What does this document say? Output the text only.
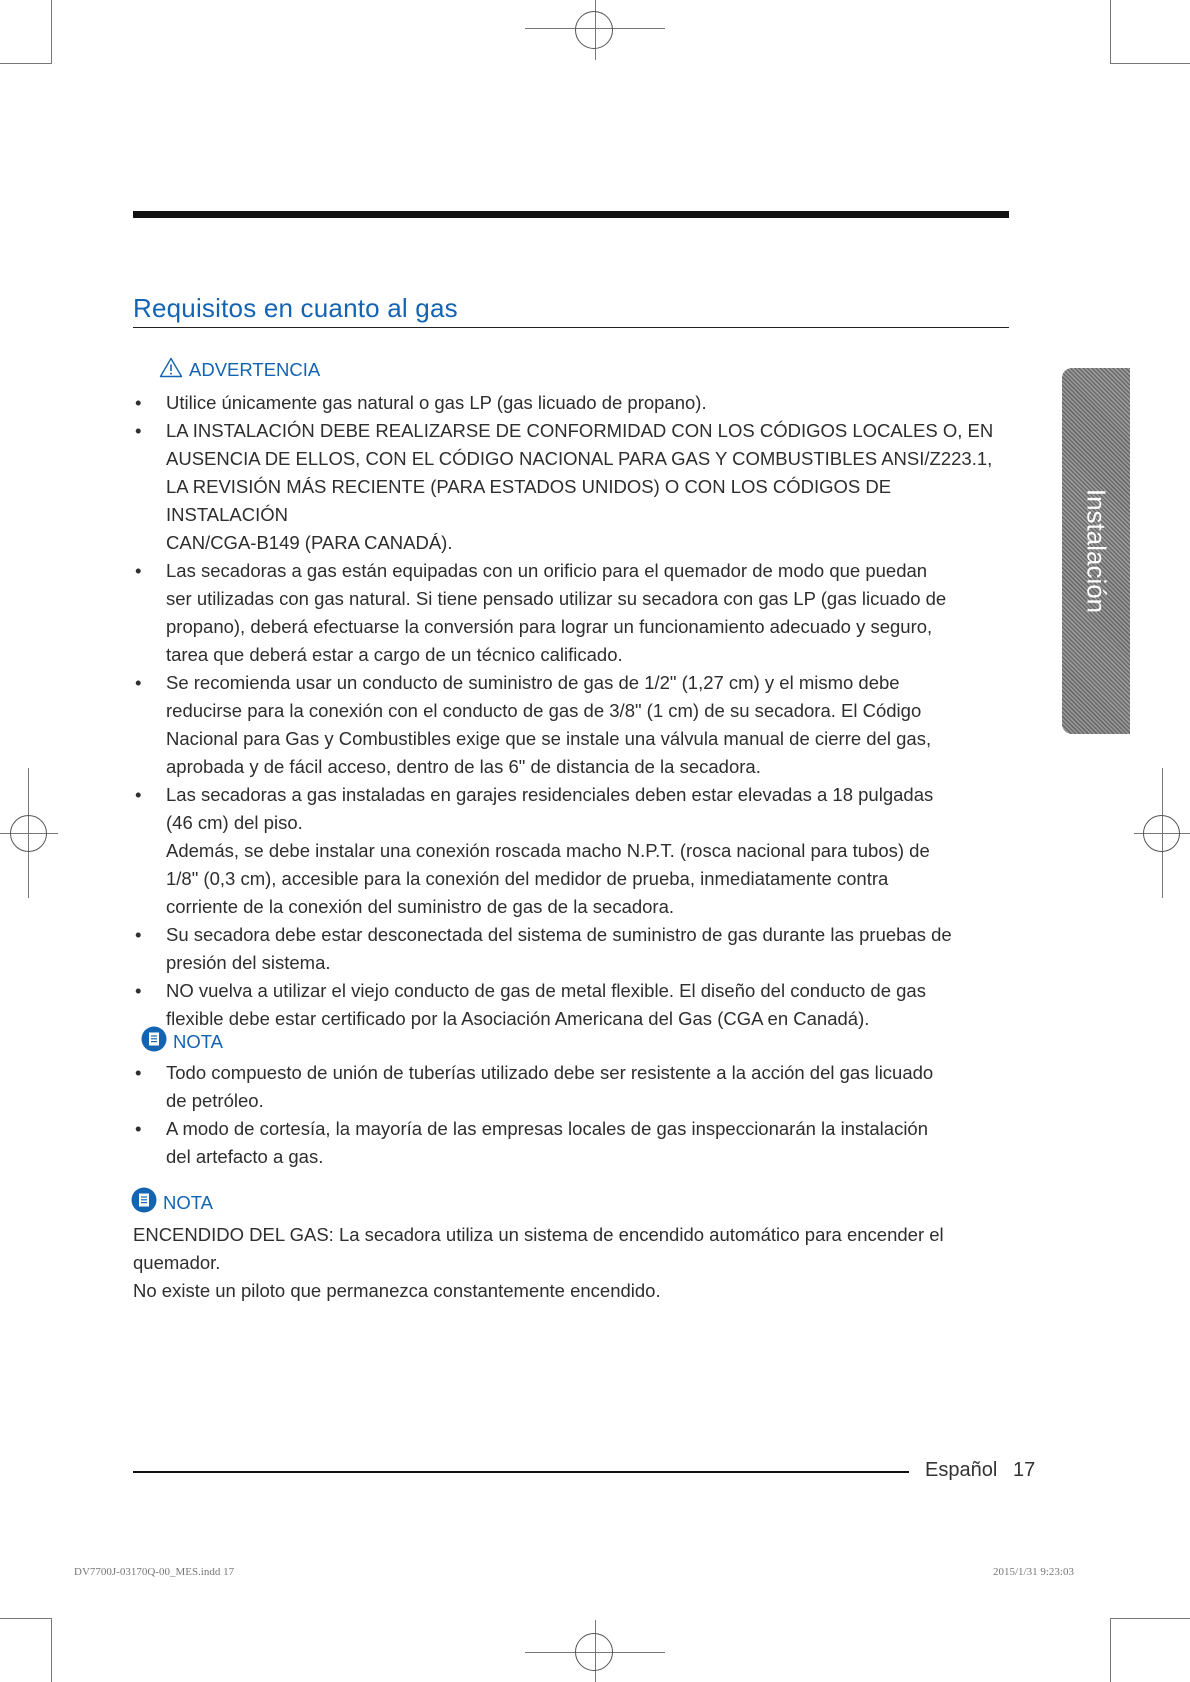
Requisitos en cuanto al gas
ADVERTENCIA
• Utilice únicamente gas natural o gas LP (gas licuado de propano).
• LA INSTALACIÓN DEBE REALIZARSE DE CONFORMIDAD CON LOS CÓDIGOS LOCALES O, EN
AUSENCIA DE ELLOS, CON EL CÓDIGO NACIONAL PARA GAS Y COMBUSTIBLES ANSI/Z223.1,
LA REVISIÓN MÁS RECIENTE (PARA ESTADOS UNIDOS) O CON LOS CÓDIGOS DE INSTALACIÓN
CAN/CGA-B149 (PARA CANADÁ).
• Las secadoras a gas están equipadas con un orificio para el quemador de modo que puedan
ser utilizadas con gas natural. Si tiene pensado utilizar su secadora con gas LP (gas licuado de
propano), deberá efectuarse la conversión para lograr un funcionamiento adecuado y seguro,
tarea que deberá estar a cargo de un técnico calificado.
• Se recomienda usar un conducto de suministro de gas de 1/2" (1,27 cm) y el mismo debe
reducirse para la conexión con el conducto de gas de 3/8" (1 cm) de su secadora. El Código
Nacional para Gas y Combustibles exige que se instale una válvula manual de cierre del gas,
aprobada y de fácil acceso, dentro de las 6" de distancia de la secadora.
• Las secadoras a gas instaladas en garajes residenciales deben estar elevadas a 18 pulgadas
(46 cm) del piso.
Además, se debe instalar una conexión roscada macho N.P.T. (rosca nacional para tubos) de
1/8" (0,3 cm), accesible para la conexión del medidor de prueba, inmediatamente contra
corriente de la conexión del suministro de gas de la secadora.
• Su secadora debe estar desconectada del sistema de suministro de gas durante las pruebas de
presión del sistema.
• NO vuelva a utilizar el viejo conducto de gas de metal flexible. El diseño del conducto de gas
flexible debe estar certificado por la Asociación Americana del Gas (CGA en Canadá).
NOTA
• Todo compuesto de unión de tuberías utilizado debe ser resistente a la acción del gas licuado
de petróleo.
• A modo de cortesía, la mayoría de las empresas locales de gas inspeccionarán la instalación
del artefacto a gas.
NOTA
ENCENDIDO DEL GAS: La secadora utiliza un sistema de encendido automático para encender el
quemador.
No existe un piloto que permanezca constantemente encendido.
Instalación
Español 17
DV7700J-03170Q-00_MES.indd 17	2015/1/31 9:23:03
